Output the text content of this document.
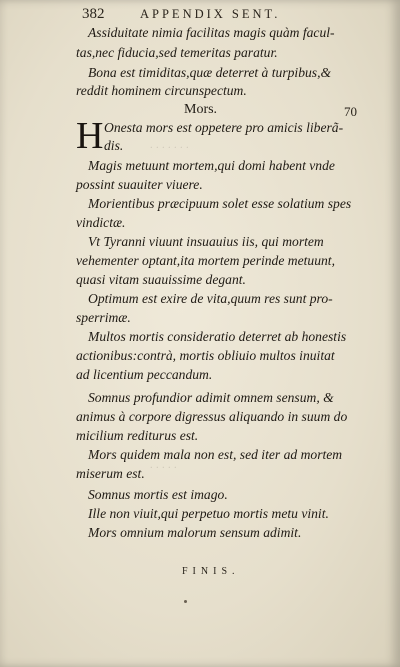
· · · · · · ·
· · · · ·
382	APPENDIX SENT.
Assiduitate nimia facilitas magis quàm facul-
tas,nec fiducia,sed temeritas paratur.
Bona est timiditas,quæ deterret à turpibus,&
reddit hominem circunspectum.
Mors.	70
H Onesta mors est oppetere pro amicis liberã-
dis.
Magis metuunt mortem,qui domi habent vnde
possint suauiter viuere.
Morientibus præcipuum solet esse solatium spes
vindictæ.
Vt Tyranni viuunt insuauius iis, qui mortem
vehementer optant,ita mortem perinde metuunt,
quasi vitam suauissime degant.
Optimum est exire de vita,quum res sunt pro-
sperrimæ.
Multos mortis consideratio deterret ab honestis
actionibus:contrà, mortis obliuio multos inuitat
ad licentium peccandum.
Somnus profundior adimit omnem sensum, &
animus à corpore digressus aliquando in suum do
micilium rediturus est.
Mors quidem mala non est, sed iter ad mortem
miserum est.
Somnus mortis est imago.
Ille non viuit,qui perpetuo mortis metu vinit.
Mors omnium malorum sensum adimit.
FINIS.
